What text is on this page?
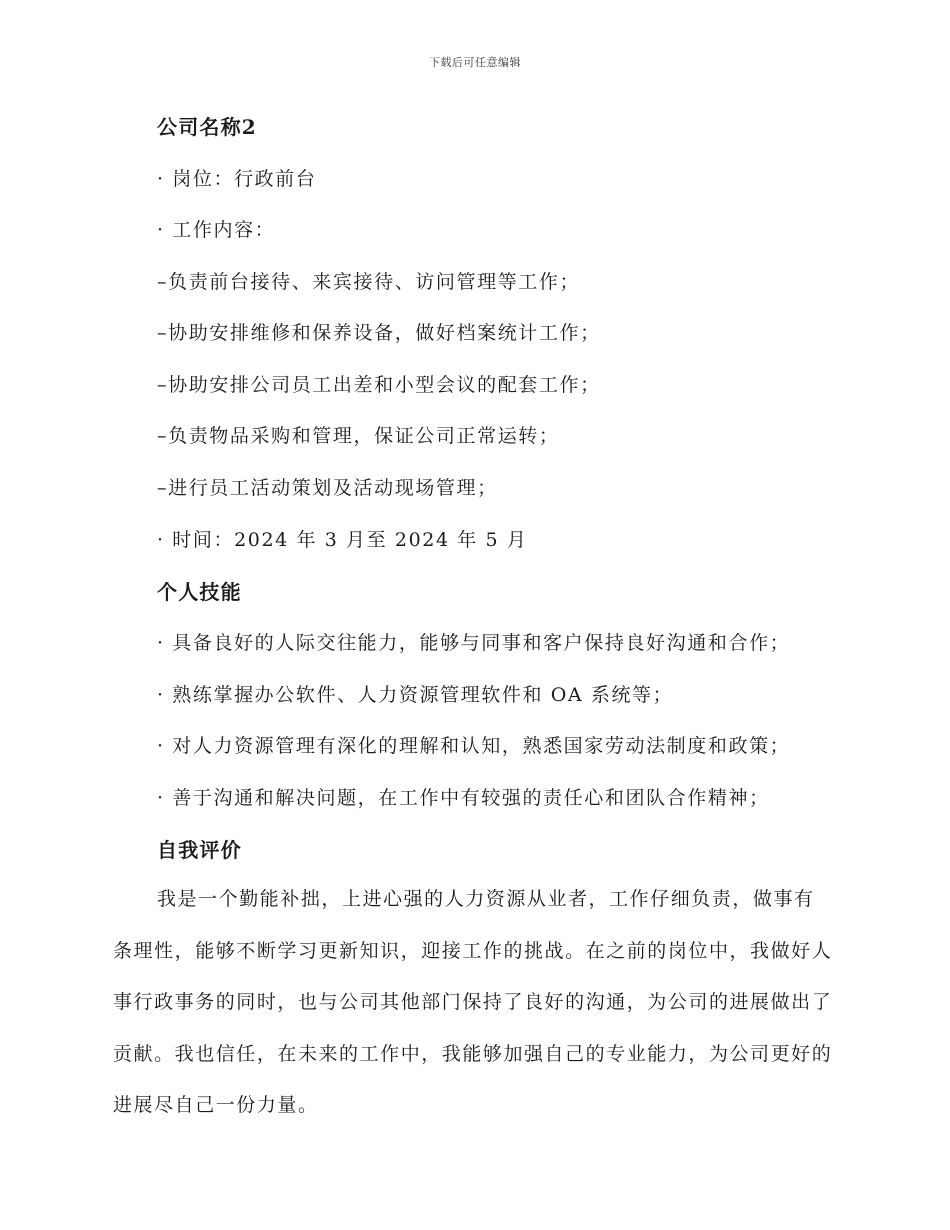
下载后可任意编辑
公司名称2
· 岗位：行政前台
· 工作内容：
–负责前台接待、来宾接待、访问管理等工作；
–协助安排维修和保养设备，做好档案统计工作；
–协助安排公司员工出差和小型会议的配套工作；
–负责物品采购和管理，保证公司正常运转；
–进行员工活动策划及活动现场管理；
· 时间：2024 年 3 月至 2024 年 5 月
个人技能
· 具备良好的人际交往能力，能够与同事和客户保持良好沟通和合作；
· 熟练掌握办公软件、人力资源管理软件和 OA 系统等；
· 对人力资源管理有深化的理解和认知，熟悉国家劳动法制度和政策；
· 善于沟通和解决问题，在工作中有较强的责任心和团队合作精神；
自我评价
我是一个勤能补拙，上进心强的人力资源从业者，工作仔细负责，做事有条理性，能够不断学习更新知识，迎接工作的挑战。在之前的岗位中，我做好人事行政事务的同时，也与公司其他部门保持了良好的沟通，为公司的进展做出了贡献。我也信任，在未来的工作中，我能够加强自己的专业能力，为公司更好的进展尽自己一份力量。
